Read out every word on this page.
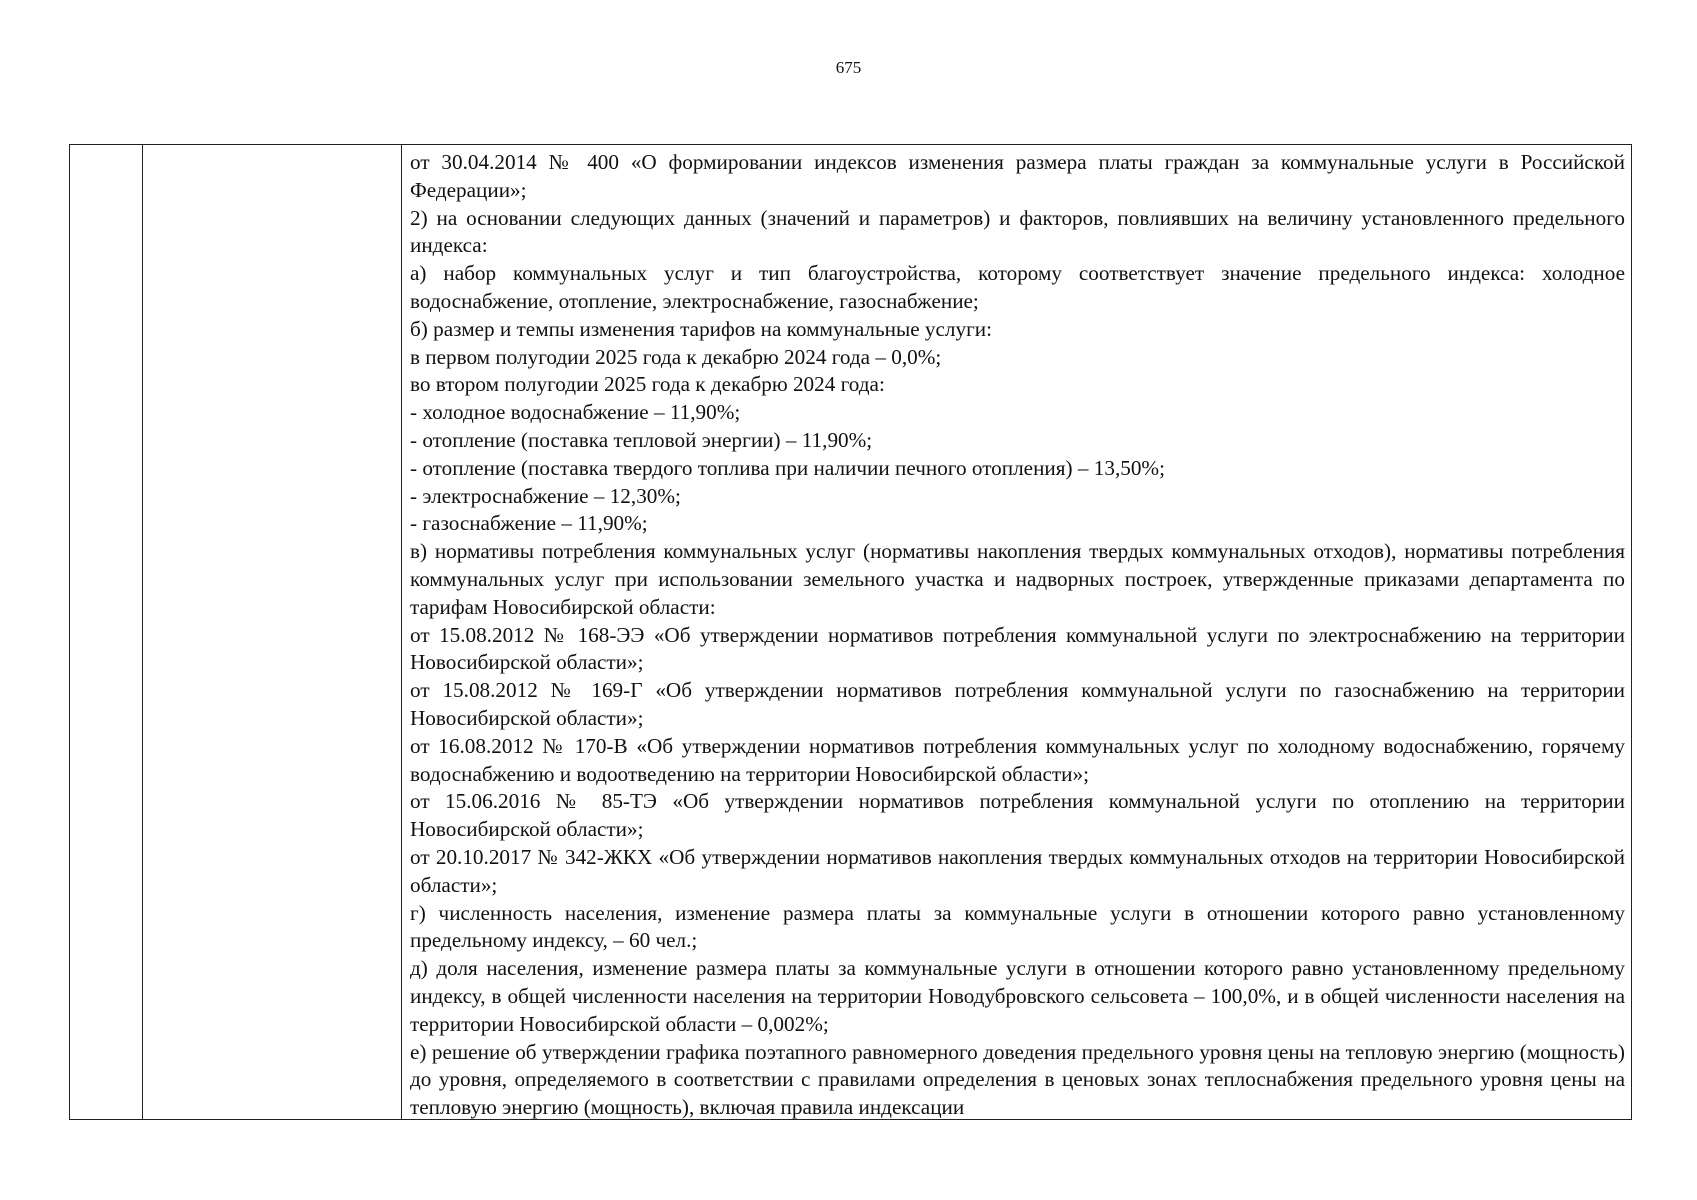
675

от 30.04.2014 № 400 «О формировании индексов изменения размера платы граждан за коммунальные услуги в Российской Федерации»;

2) на основании следующих данных (значений и параметров) и факторов, повлиявших на величину установленного предельного индекса:

а) набор коммунальных услуг и тип благоустройства, которому соответствует значение предельного индекса: холодное водоснабжение, отопление, электроснабжение, газоснабжение;

б) размер и темпы изменения тарифов на коммунальные услуги:

в первом полугодии 2025 года к декабрю 2024 года – 0,0%;

во втором полугодии 2025 года к декабрю 2024 года:

- холодное водоснабжение – 11,90%;

- отопление (поставка тепловой энергии) – 11,90%;

- отопление (поставка твердого топлива при наличии печного отопления) – 13,50%;

- электроснабжение – 12,30%;

- газоснабжение – 11,90%;

в) нормативы потребления коммунальных услуг (нормативы накопления твердых коммунальных отходов), нормативы потребления коммунальных услуг при использовании земельного участка и надворных построек, утвержденные приказами департамента по тарифам Новосибирской области:

от 15.08.2012 № 168-ЭЭ «Об утверждении нормативов потребления коммунальной услуги по электроснабжению на территории Новосибирской области»;

от 15.08.2012 № 169-Г «Об утверждении нормативов потребления коммунальной услуги по газоснабжению на территории Новосибирской области»;

от 16.08.2012 № 170-В «Об утверждении нормативов потребления коммунальных услуг по холодному водоснабжению, горячему водоснабжению и водоотведению на территории Новосибирской области»;

от 15.06.2016 № 85-ТЭ «Об утверждении нормативов потребления коммунальной услуги по отоплению на территории Новосибирской области»;

от 20.10.2017 № 342-ЖКХ «Об утверждении нормативов накопления твердых коммунальных отходов на территории Новосибирской области»;

г) численность населения, изменение размера платы за коммунальные услуги в отношении которого равно установленному предельному индексу, – 60 чел.;

д) доля населения, изменение размера платы за коммунальные услуги в отношении которого равно установленному предельному индексу, в общей численности населения на территории Новодубровского сельсовета – 100,0%, и в общей численности населения на территории Новосибирской области – 0,002%;

е) решение об утверждении графика поэтапного равномерного доведения предельного уровня цены на тепловую энергию (мощность) до уровня, определяемого в соответствии с правилами определения в ценовых зонах теплоснабжения предельного уровня цены на тепловую энергию (мощность), включая правила индексации
